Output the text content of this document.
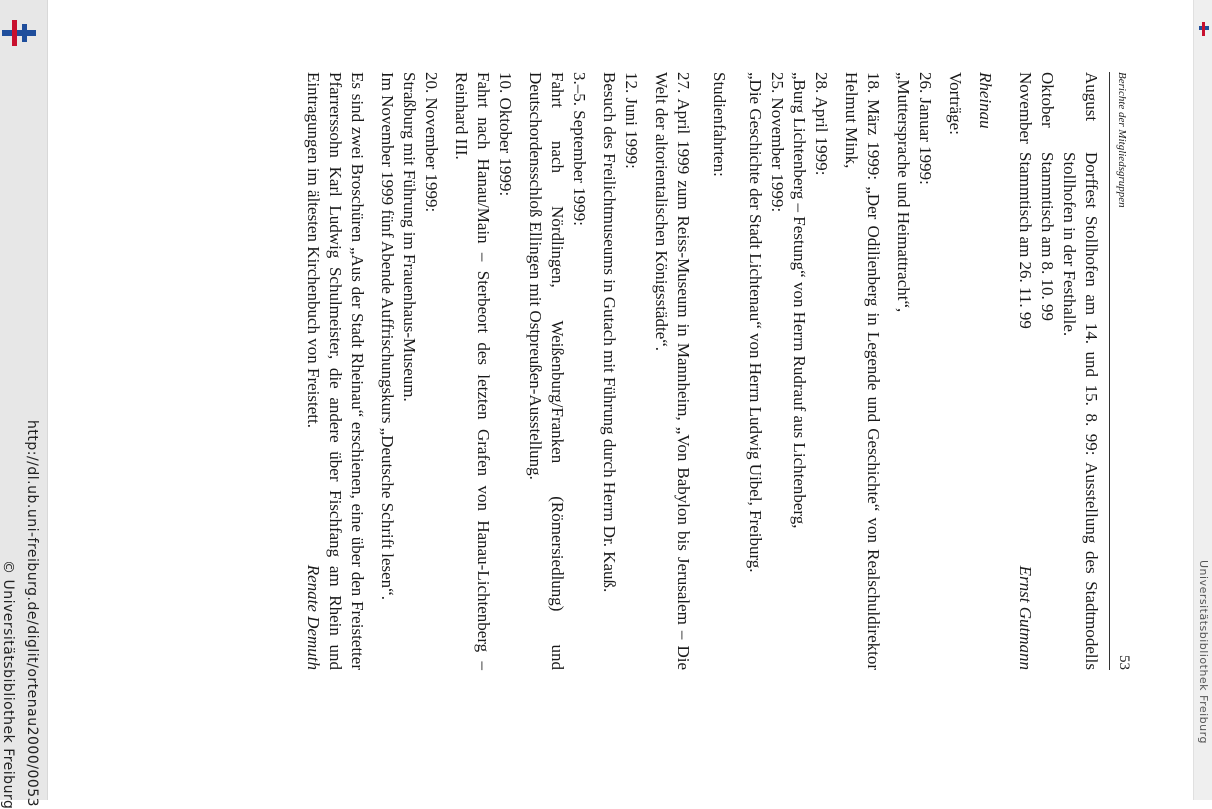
Berichte der Mitgliedsgruppen
53
August
Dorffest Stollhofen am 14. und 15. 8. 99: Ausstellung des Stadtmodells Stollhofen in der Festhalle.
Oktober
Stammtisch am 8. 10. 99
November
Stammtisch am 26. 11. 99

Ernst Gutmann

Rheinau

Vorträge:

26. Januar 1999:

„Muttersprache und Heimattracht“,

18. März 1999: „Der Odilienberg in Legende und Geschichte“ von Realschuldirektor Helmut Mink,

28. April 1999:

„Burg Lichtenberg – Festung“ von Herrn Rudrauf aus Lichtenberg,

25. November 1999:

„Die Geschichte der Stadt Lichtenau“ von Herrn Ludwig Uibel, Freiburg.

Studienfahrten:

27. April 1999 zum Reiss-Museum in Mannheim, „Von Babylon bis Jerusalem – Die Welt der altorientalischen Königsstädte“.

12. Juni 1999:

Besuch des Freilichtmuseums in Gutach mit Führung durch Herrn Dr. Kauß.

3.–5. September 1999:

Fahrt nach Nördlingen, Weißenburg/Franken (Römersiedlung) und Deutschordensschloß Ellingen mit Ostpreußen-Ausstellung.

10. Oktober 1999:

Fahrt nach Hanau/Main – Sterbeort des letzten Grafen von Hanau-Lichtenberg – Reinhard III.

20. November 1999:

Straßburg mit Führung im Frauenhaus-Museum.

Im November 1999 fünf Abende Auffrischungskurs „Deutsche Schrift lesen“.

Es sind zwei Broschüren „Aus der Stadt Rheinau“ erschienen, eine über den Freistetter Pfarrerssohn Karl Ludwig Schulmeister, die andere über Fischfang am Rhein und Eintragungen im ältesten Kirchenbuch von Freistett.

Renate Demuth

http://dl.ub.uni-freiburg.de/diglit/ortenau2000/0053
© Universitätsbibliothek Freiburg	Universitätsbibliothek Freiburg
